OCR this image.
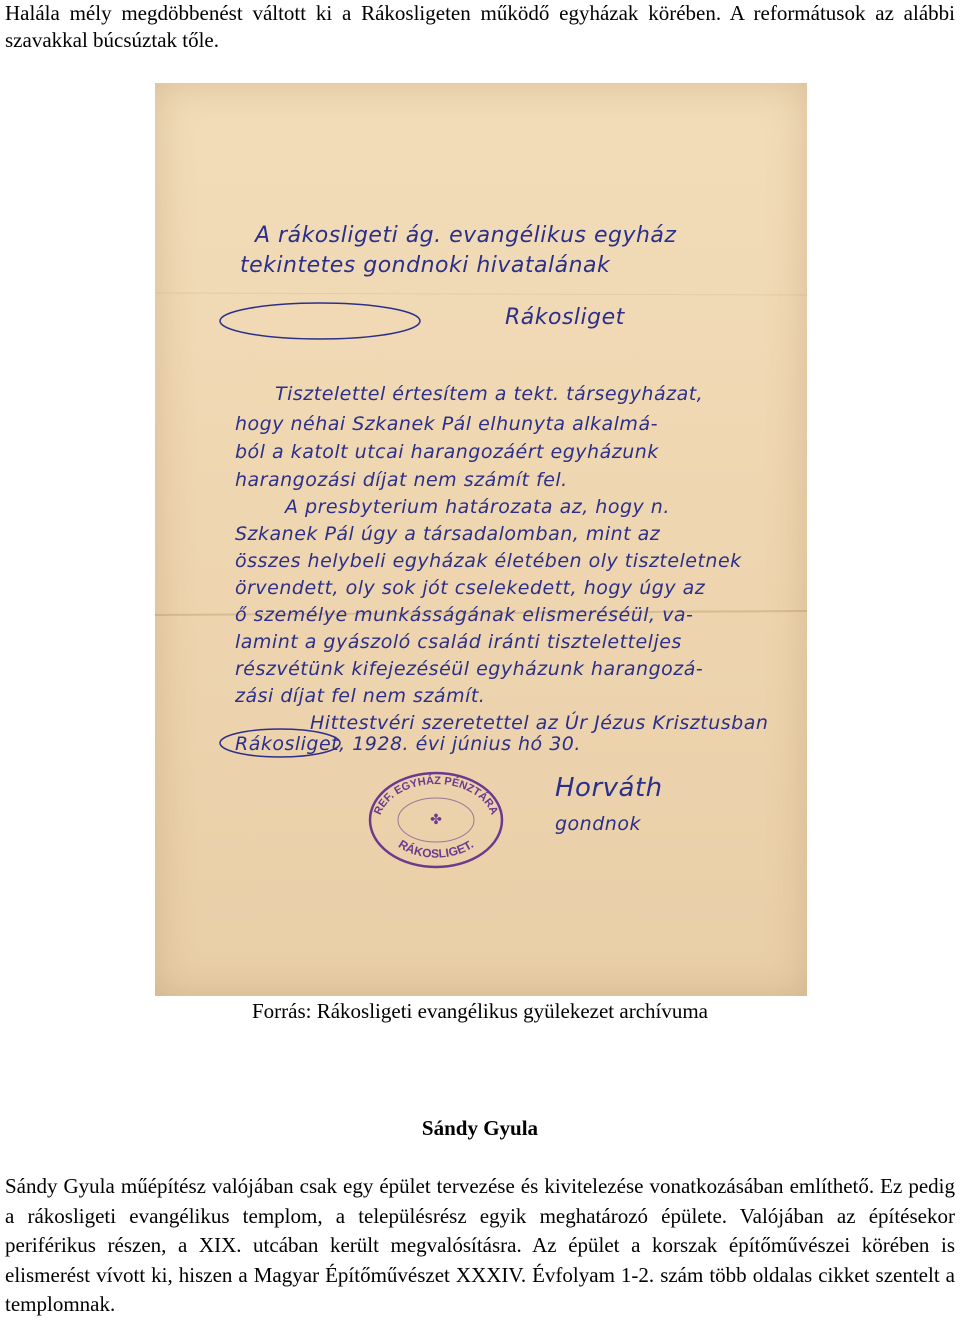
Halála mély megdöbbenést váltott ki a Rákosligeten működő egyházak körében. A reformátusok az alábbi szavakkal búcsúztak tőle.

A rákosligeti ág. evangélikus egyház
tekintetes gondnoki hivatalának
Rákosliget
Tisztelettel értesítem a tekt. társegyházat,
hogy néhai Szkanek Pál elhunyta alkalmá-
ból a katolt utcai harangozáért egyházunk
harangozási díjat nem számít fel.
A presbyterium határozata az, hogy n.
Szkanek Pál úgy a társadalomban, mint az
összes helybeli egyházak életében oly tiszteletnek
örvendett, oly sok jót cselekedett, hogy úgy az
ő személye munkásságának elismeréséül, va-
lamint a gyászoló család iránti tiszteletteljes
részvétünk kifejezéséül egyházunk harangozá-
zási díjat fel nem számít.
Hittestvéri szeretettel az Úr Jézus Krisztusban
Rákosliget, 1928. évi június hó 30.
Horváth
gondnok
REF. EGYHÁZ PÉNZTÁRA
RÁKOSLIGET.
✤
Forrás: Rákosligeti evangélikus gyülekezet archívuma
Sándy Gyula

Sándy Gyula műépítész valójában csak egy épület tervezése és kivitelezése vonatkozásában említhető. Ez pedig a rákosligeti evangélikus templom, a településrész egyik meghatározó épülete. Valójában az építésekor periférikus részen, a XIX. utcában került megvalósításra. Az épület a korszak építőművészei körében is elismerést vívott ki, hiszen a Magyar Építőművészet XXXIV. Évfolyam 1-2. szám több oldalas cikket szentelt a templomnak.
